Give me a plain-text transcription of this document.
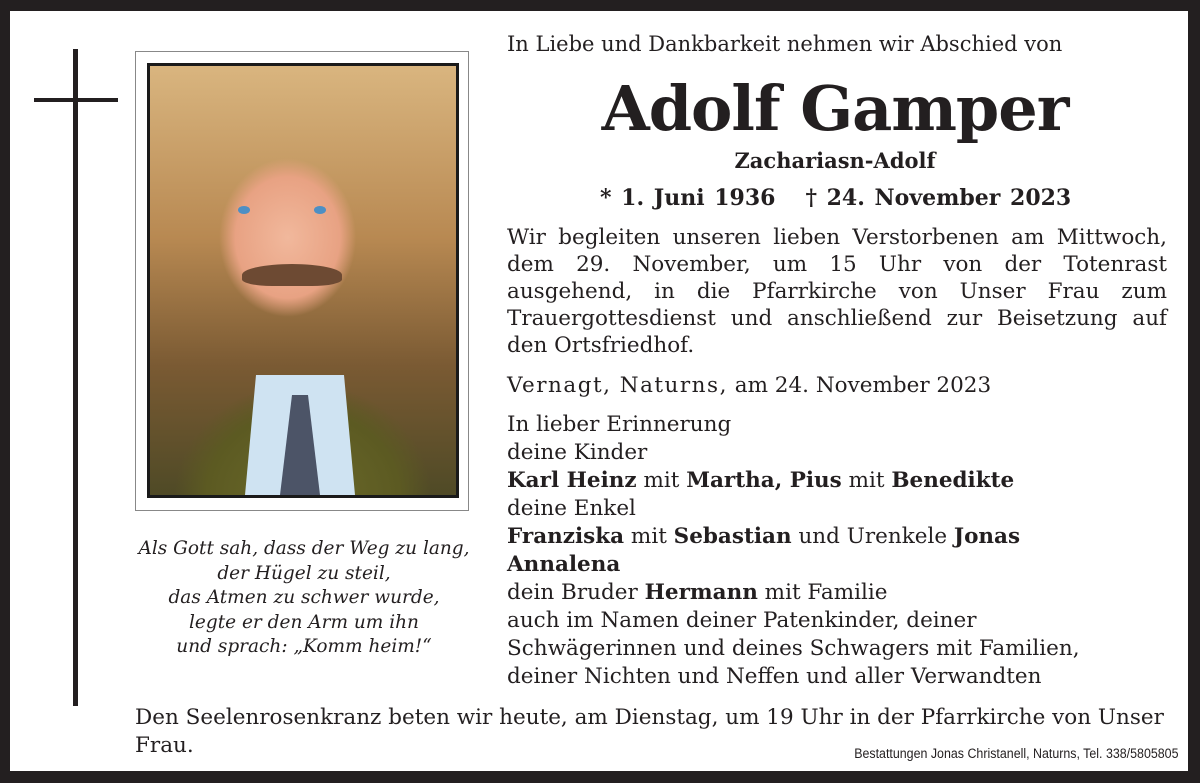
Als Gott sah, dass der Weg zu lang,
der Hügel zu steil,
das Atmen zu schwer wurde,
legte er den Arm um ihn
und sprach: „Komm heim!“
In Liebe und Dankbarkeit nehmen wir Abschied von
Adolf Gamper
Zachariasn-Adolf
* 1. Juni 1936 † 24. November 2023
Wir begleiten unseren lieben Verstorbenen am Mittwoch, dem 29. November, um 15 Uhr von der Totenrast ausgehend, in die Pfarrkirche von Unser Frau zum Trauergottesdienst und anschließend zur Beisetzung auf den Ortsfriedhof.
Vernagt, Naturns, am 24. November 2023
In lieber Erinnerung
deine Kinder
Karl Heinz mit Martha, Pius mit Benedikte
deine Enkel
Franziska mit Sebastian und Urenkele Jonas
Annalena
dein Bruder Hermann mit Familie
auch im Namen deiner Patenkinder, deiner
Schwägerinnen und deines Schwagers mit Familien,
deiner Nichten und Neffen und aller Verwandten
Den Seelenrosenkranz beten wir heute, am Dienstag, um 19 Uhr in der Pfarrkirche von Unser Frau.	Bestattungen Jonas Christanell, Naturns, Tel. 338/5805805
